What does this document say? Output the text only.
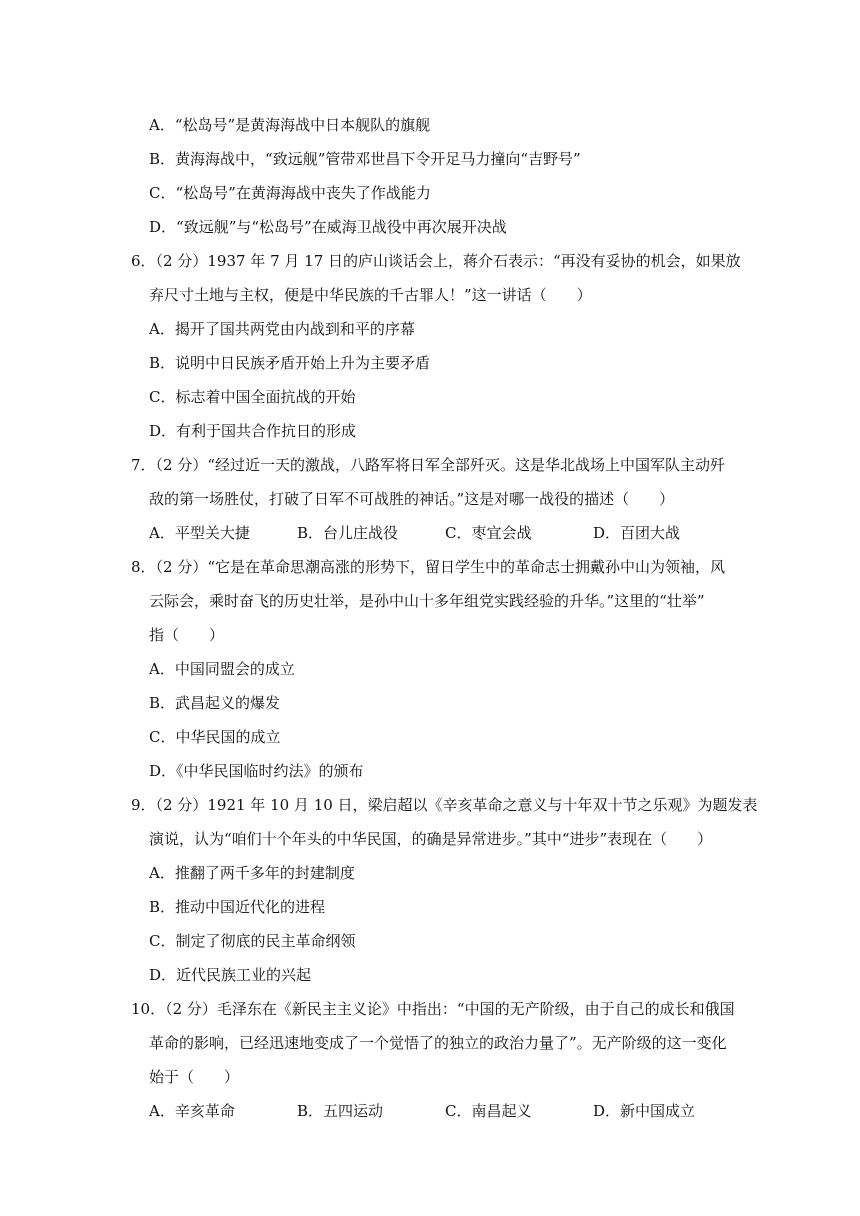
A．“松岛号”是黄海海战中日本舰队的旗舰
B．黄海海战中，“致远舰”管带邓世昌下令开足马力撞向“吉野号”
C．“松岛号”在黄海海战中丧失了作战能力
D．“致远舰”与“松岛号”在威海卫战役中再次展开决战
6．（2 分）1937 年 7 月 17 日的庐山谈话会上，蒋介石表示：“再没有妥协的机会，如果放
弃尺寸土地与主权，便是中华民族的千古罪人！”这一讲话（　　）
A．揭开了国共两党由内战到和平的序幕
B．说明中日民族矛盾开始上升为主要矛盾
C．标志着中国全面抗战的开始
D．有利于国共合作抗日的形成
7．（2 分）“经过近一天的激战，八路军将日军全部歼灭。这是华北战场上中国军队主动歼
敌的第一场胜仗，打破了日军不可战胜的神话。”这是对哪一战役的描述（　　）
A．平型关大捷	B．台儿庄战役	C．枣宜会战	D．百团大战
8．（2 分）“它是在革命思潮高涨的形势下，留日学生中的革命志士拥戴孙中山为领袖，风
云际会，乘时奋飞的历史壮举，是孙中山十多年组党实践经验的升华。”这里的“壮举”
指（　　）
A．中国同盟会的成立
B．武昌起义的爆发
C．中华民国的成立
D．《中华民国临时约法》的颁布
9．（2 分）1921 年 10 月 10 日，梁启超以《辛亥革命之意义与十年双十节之乐观》为题发表
演说，认为“咱们十个年头的中华民国，的确是异常进步。”其中“进步”表现在（　　）
A．推翻了两千多年的封建制度
B．推动中国近代化的进程
C．制定了彻底的民主革命纲领
D．近代民族工业的兴起
10．（2 分）毛泽东在《新民主主义论》中指出：“中国的无产阶级，由于自己的成长和俄国
革命的影响，已经迅速地变成了一个觉悟了的独立的政治力量了”。无产阶级的这一变化
始于（　　）
A．辛亥革命	B．五四运动	C．南昌起义	D．新中国成立
